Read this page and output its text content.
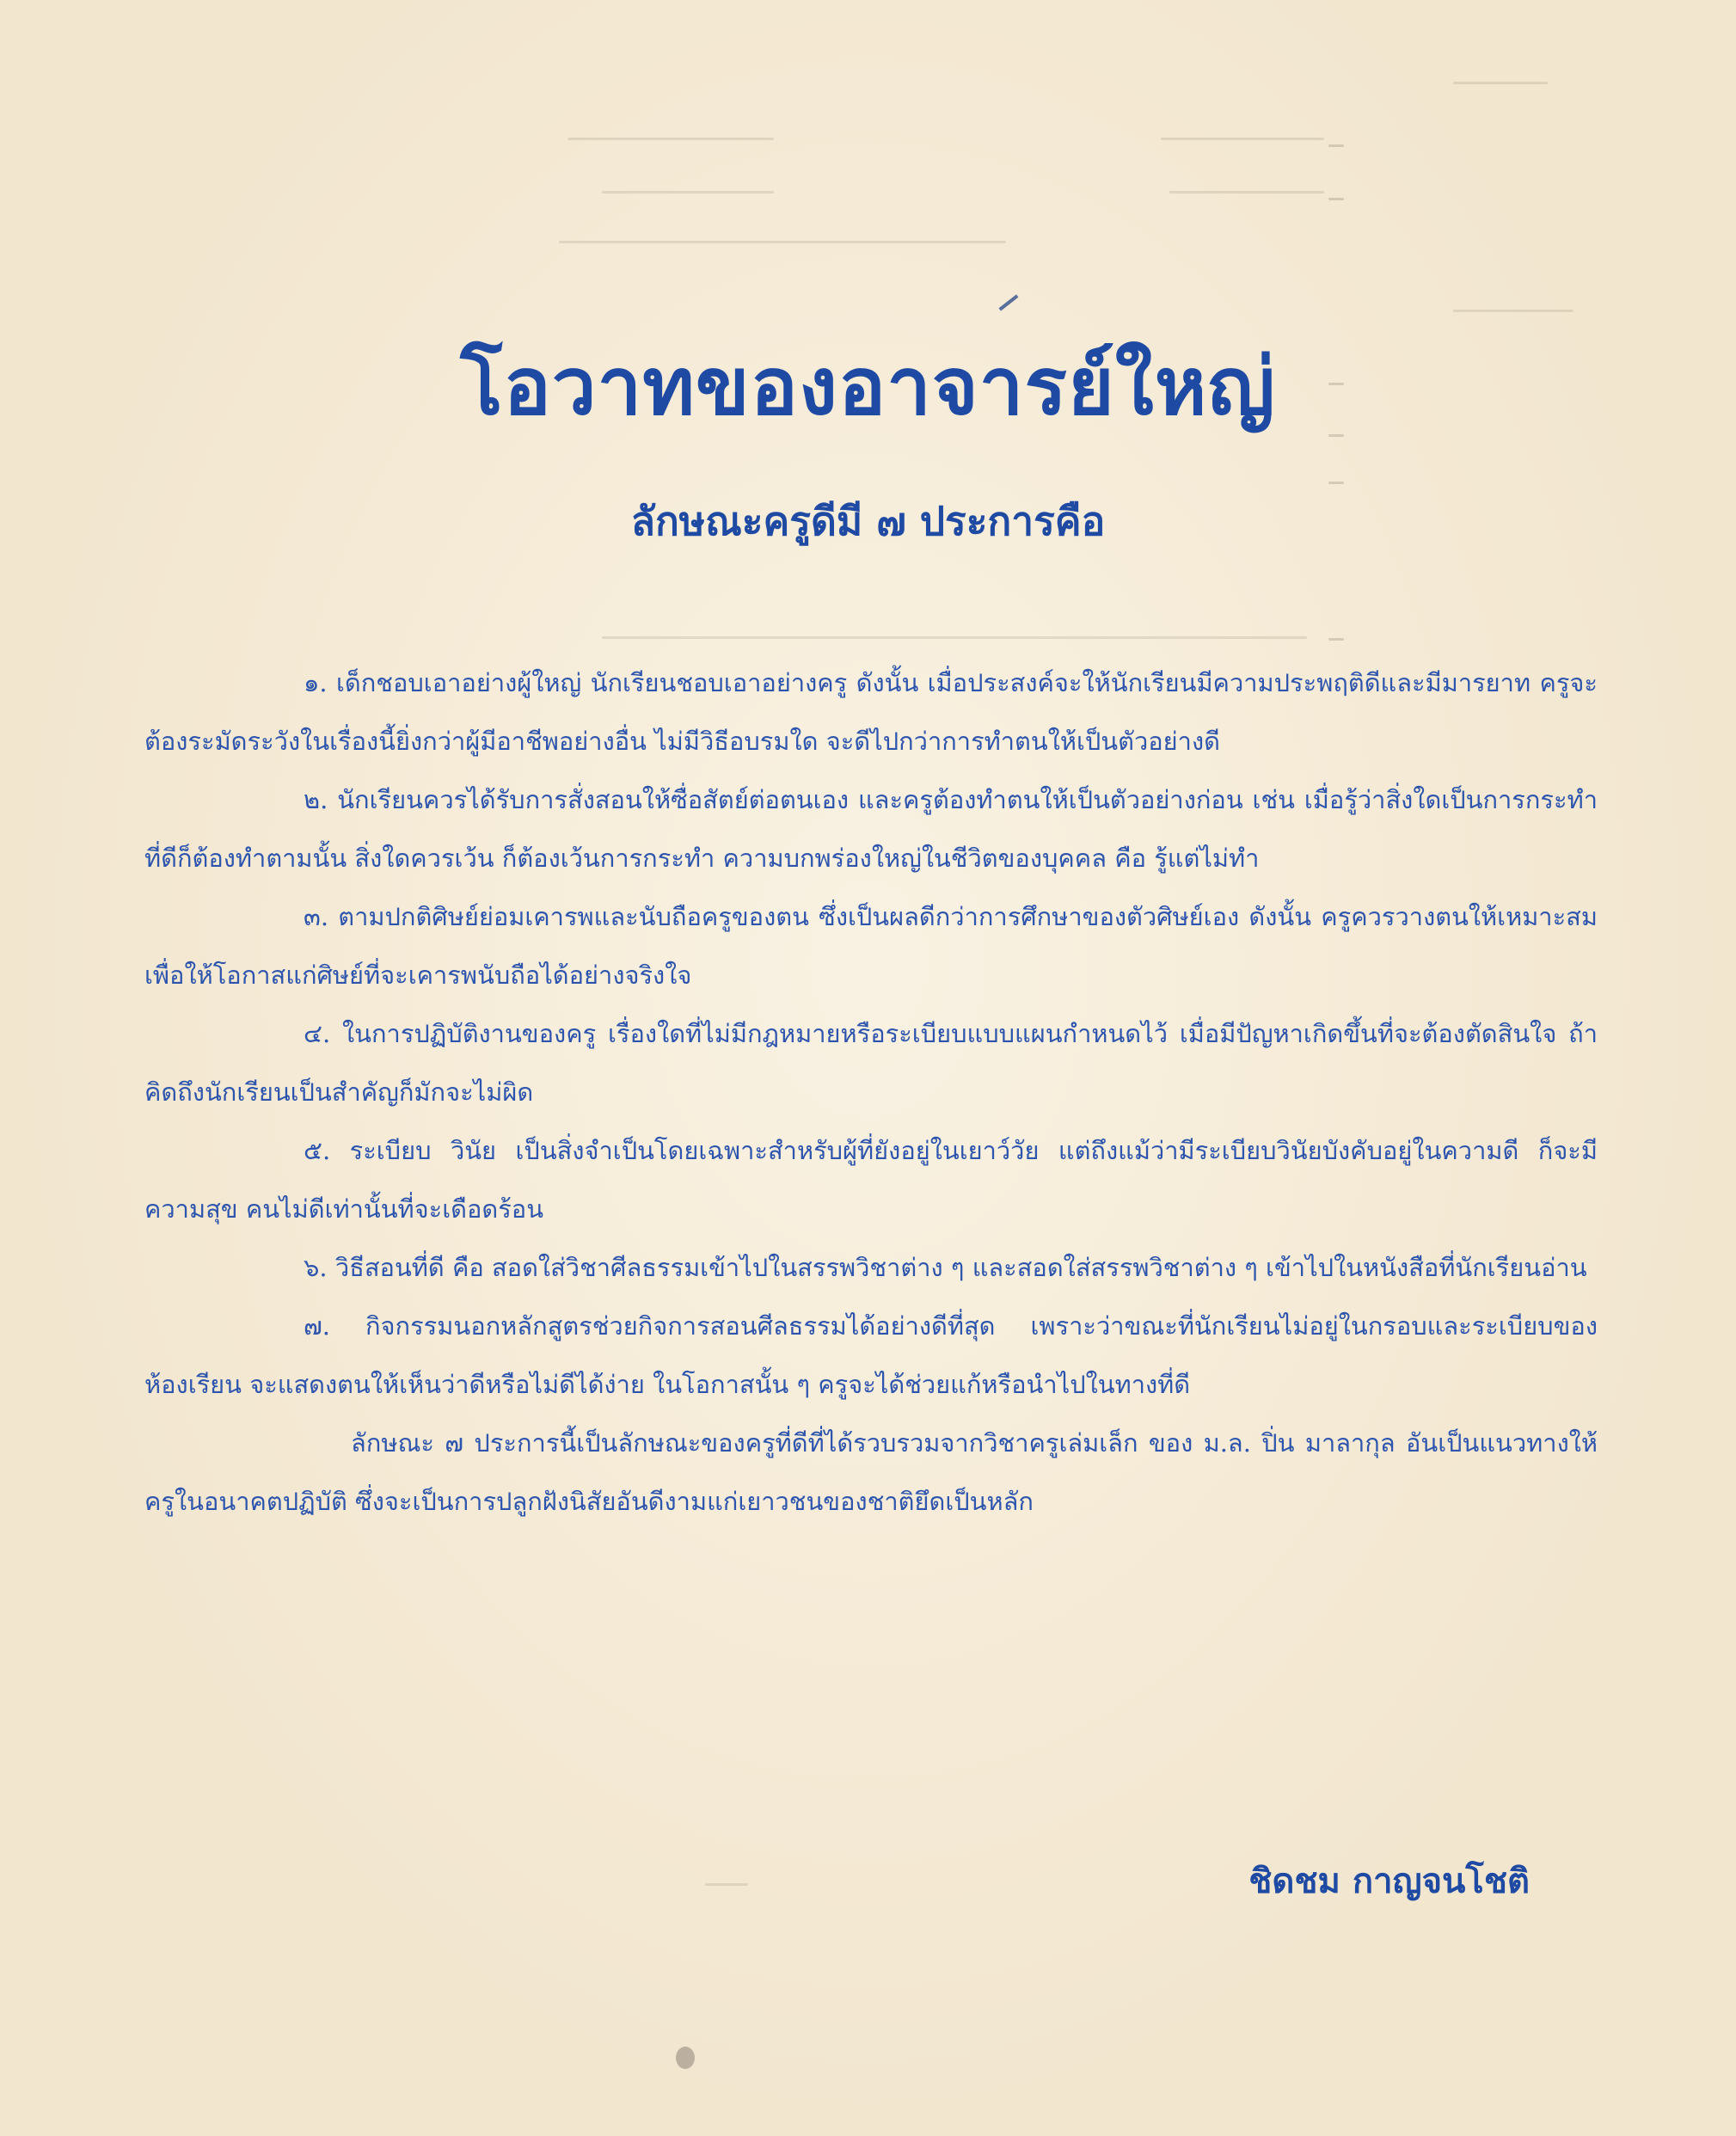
โอวาทของอาจารย์ใหญ่
ลักษณะครูดีมี ๗ ประการคือ

๑. เด็กชอบเอาอย่างผู้ใหญ่ นักเรียนชอบเอาอย่างครู ดังนั้น เมื่อประสงค์จะให้นักเรียนมีความประพฤติดีและมีมารยาท ครูจะต้องระมัดระวังในเรื่องนี้ยิ่งกว่าผู้มีอาชีพอย่างอื่น ไม่มีวิธีอบรมใด จะดีไปกว่าการทำตนให้เป็นตัวอย่างดี

๒. นักเรียนควรได้รับการสั่งสอนให้ซื่อสัตย์ต่อตนเอง และครูต้องทำตนให้เป็นตัวอย่างก่อน เช่น เมื่อรู้ว่าสิ่งใดเป็นการกระทำที่ดีก็ต้องทำตามนั้น สิ่งใดควรเว้น ก็ต้องเว้นการกระทำ ความบกพร่องใหญ่ในชีวิตของบุคคล คือ รู้แต่ไม่ทำ

๓. ตามปกติศิษย์ย่อมเคารพและนับถือครูของตน ซึ่งเป็นผลดีกว่าการศึกษาของตัวศิษย์เอง ดังนั้น ครูควรวางตนให้เหมาะสม เพื่อให้โอกาสแก่ศิษย์ที่จะเคารพนับถือได้อย่างจริงใจ

๔. ในการปฏิบัติงานของครู เรื่องใดที่ไม่มีกฎหมายหรือระเบียบแบบแผนกำหนดไว้ เมื่อมีปัญหาเกิดขึ้นที่จะต้องตัดสินใจ ถ้าคิดถึงนักเรียนเป็นสำคัญก็มักจะไม่ผิด

๕. ระเบียบ วินัย เป็นสิ่งจำเป็นโดยเฉพาะสำหรับผู้ที่ยังอยู่ในเยาว์วัย แต่ถึงแม้ว่ามีระเบียบวินัยบังคับอยู่ในความดี ก็จะมีความสุข คนไม่ดีเท่านั้นที่จะเดือดร้อน

๖. วิธีสอนที่ดี คือ สอดใส่วิชาศีลธรรมเข้าไปในสรรพวิชาต่าง ๆ และสอดใส่สรรพวิชาต่าง ๆ เข้าไปในหนังสือที่นักเรียนอ่าน

๗. กิจกรรมนอกหลักสูตรช่วยกิจการสอนศีลธรรมได้อย่างดีที่สุด เพราะว่าขณะที่นักเรียนไม่อยู่ในกรอบและระเบียบของห้องเรียน จะแสดงตนให้เห็นว่าดีหรือไม่ดีได้ง่าย ในโอกาสนั้น ๆ ครูจะได้ช่วยแก้หรือนำไปในทางที่ดี

ลักษณะ ๗ ประการนี้เป็นลักษณะของครูที่ดีที่ได้รวบรวมจากวิชาครูเล่มเล็ก ของ ม.ล. ปิ่น มาลากุล อันเป็นแนวทางให้ครูในอนาคตปฏิบัติ ซึ่งจะเป็นการปลูกฝังนิสัยอันดีงามแก่เยาวชนของชาติยึดเป็นหลัก

ชิดชม กาญจนโชติ
